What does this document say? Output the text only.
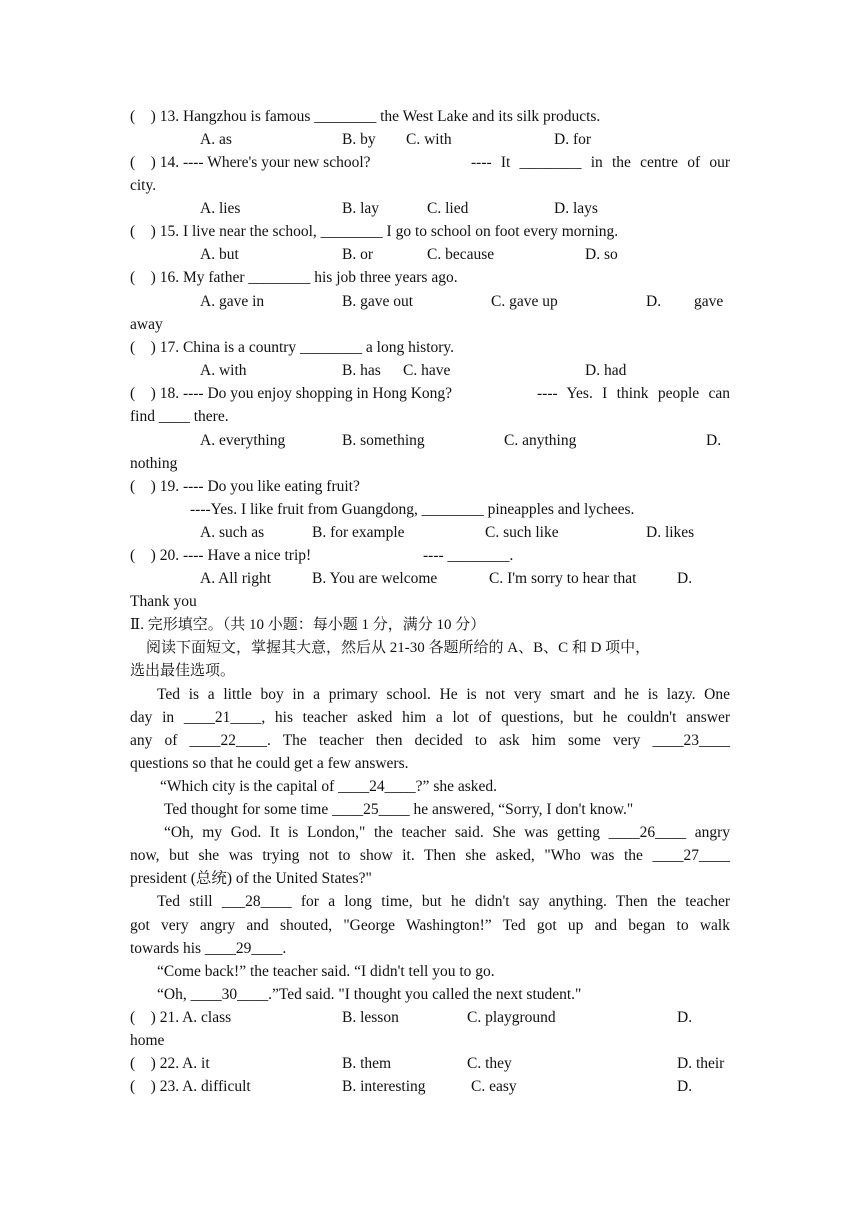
(    ) 13. Hangzhou is famous ________ the West Lake and its silk products.
A. as	B. by C. with	D. for
(    ) 14. ---- Where's your new school?	---- It ________ in the centre of our
city.
A. lies	B. lay	C. lied	D. lays
(    ) 15. I live near the school, ________ I go to school on foot every morning.
A. but	B. or	C. because	D. so
(    ) 16. My father ________ his job three years ago.
A. gave in	B. gave out	C. gave up	D. gave
away
(    ) 17. China is a country ________ a long history.
A. with	B. has C. have	D. had
(    ) 18. ---- Do you enjoy shopping in Hong Kong?	---- Yes. I think people can
find ____ there.
A. everything	B. something	C. anything	D.
nothing
(    ) 19. ---- Do you like eating fruit?
----Yes. I like fruit from Guangdong, ________ pineapples and lychees.
A. such as	B. for example	C. such like	D. likes
(    ) 20. ---- Have a nice trip!	---- ________.
A. All right	B. You are welcome	C. I'm sorry to hear that	D.
Thank you
Ⅱ. 完形填空。（共 10 小题：每小题 1 分，满分 10 分）
阅读下面短文，掌握其大意，然后从 21-30 各题所给的 A、B、C 和 D 项中，
选出最佳选项。
Ted is a little boy in a primary school. He is not very smart and he is lazy. One
day in ____21____, his teacher asked him a lot of questions, but he couldn't answer
any of ____22____. The teacher then decided to ask him some very ____23____
questions so that he could get a few answers.
“Which city is the capital of ____24____?” she asked.
Ted thought for some time ____25____ he answered, “Sorry, I don't know."
“Oh, my God. It is London," the teacher said. She was getting ____26____ angry
now, but she was trying not to show it. Then she asked, "Who was the ____27____
president (总统) of the United States?"
Ted still ___28____ for a long time, but he didn't say anything. Then the teacher
got very angry and shouted, "George Washington!” Ted got up and began to walk
towards his ____29____.
“Come back!” the teacher said. “I didn't tell you to go.
“Oh, ____30____.”Ted said. "I thought you called the next student."
(    ) 21. A. class	B. lesson	C. playground	D.
home
(    ) 22. A. it	B. them	C. they	D. their
(    ) 23. A. difficult	B. interesting	C. easy	D.
